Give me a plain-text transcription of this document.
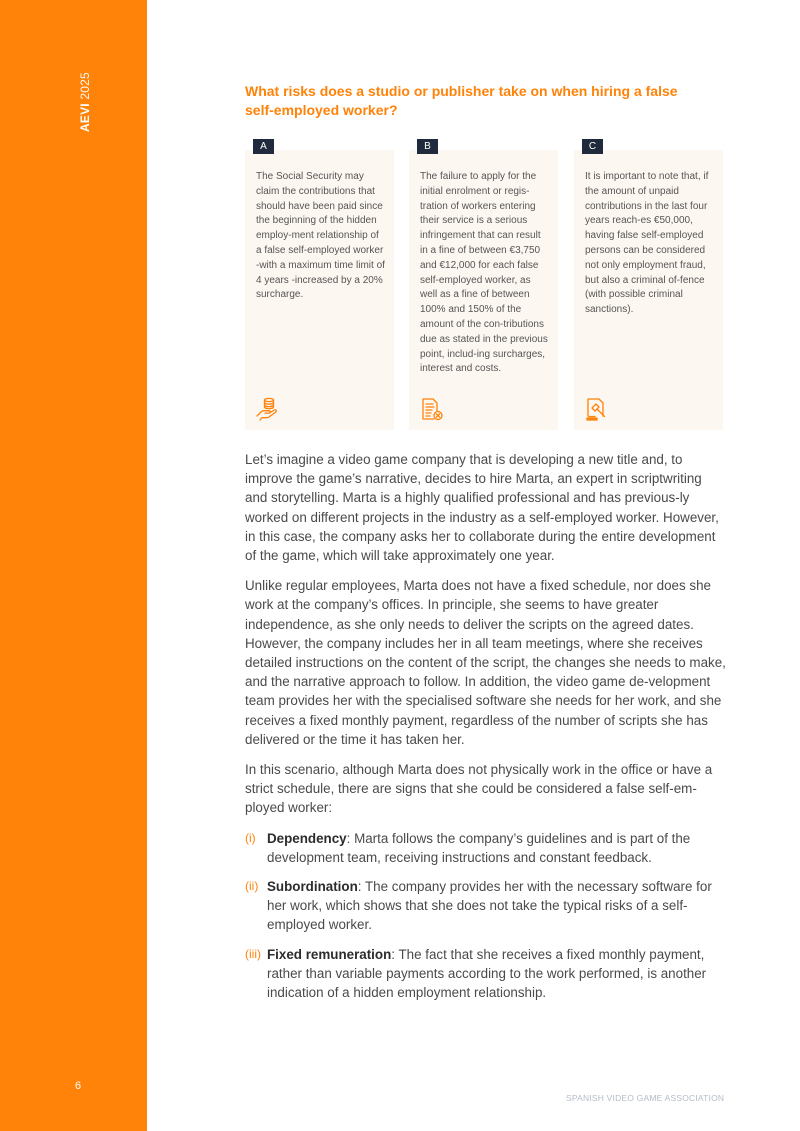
AEVI 2025
6
What risks does a studio or publisher take on when hiring a false self-employed worker?
A
The Social Security may claim the contributions that should have been paid since the beginning of the hidden employ-ment relationship of a false self-employed worker -with a maximum time limit of 4 years -increased by a 20% surcharge.
B
The failure to apply for the initial enrolment or regis-tration of workers entering their service is a serious infringement that can result in a fine of between €3,750 and €12,000 for each false self-employed worker, as well as a fine of between 100% and 150% of the amount of the con-tributions due as stated in the previous point, includ-ing surcharges, interest and costs.
C
It is important to note that, if the amount of unpaid contributions in the last four years reach-es €50,000, having false self-employed persons can be considered not only employment fraud, but also a criminal of-fence (with possible criminal sanctions).

Let’s imagine a video game company that is developing a new title and, to improve the game’s narrative, decides to hire Marta, an expert in scriptwriting and storytelling. Marta is a highly qualified professional and has previous-ly worked on different projects in the industry as a self-employed worker. However, in this case, the company asks her to collaborate during the entire development of the game, which will take approximately one year.

Unlike regular employees, Marta does not have a fixed schedule, nor does she work at the company’s offices. In principle, she seems to have greater independence, as she only needs to deliver the scripts on the agreed dates. However, the company includes her in all team meetings, where she receives detailed instructions on the content of the script, the changes she needs to make, and the narrative approach to follow. In addition, the video game de-velopment team provides her with the specialised software she needs for her work, and she receives a fixed monthly payment, regardless of the number of scripts she has delivered or the time it has taken her.

In this scenario, although Marta does not physically work in the office or have a strict schedule, there are signs that she could be considered a false self-em-ployed worker:

(i) Dependency: Marta follows the company’s guidelines and is part of the development team, receiving instructions and constant feedback.
(ii) Subordination: The company provides her with the necessary software for her work, which shows that she does not take the typical risks of a self-employed worker.
(iii) Fixed remuneration: The fact that she receives a fixed monthly payment, rather than variable payments according to the work performed, is another indication of a hidden employment relationship.
SPANISH VIDEO GAME ASSOCIATION
